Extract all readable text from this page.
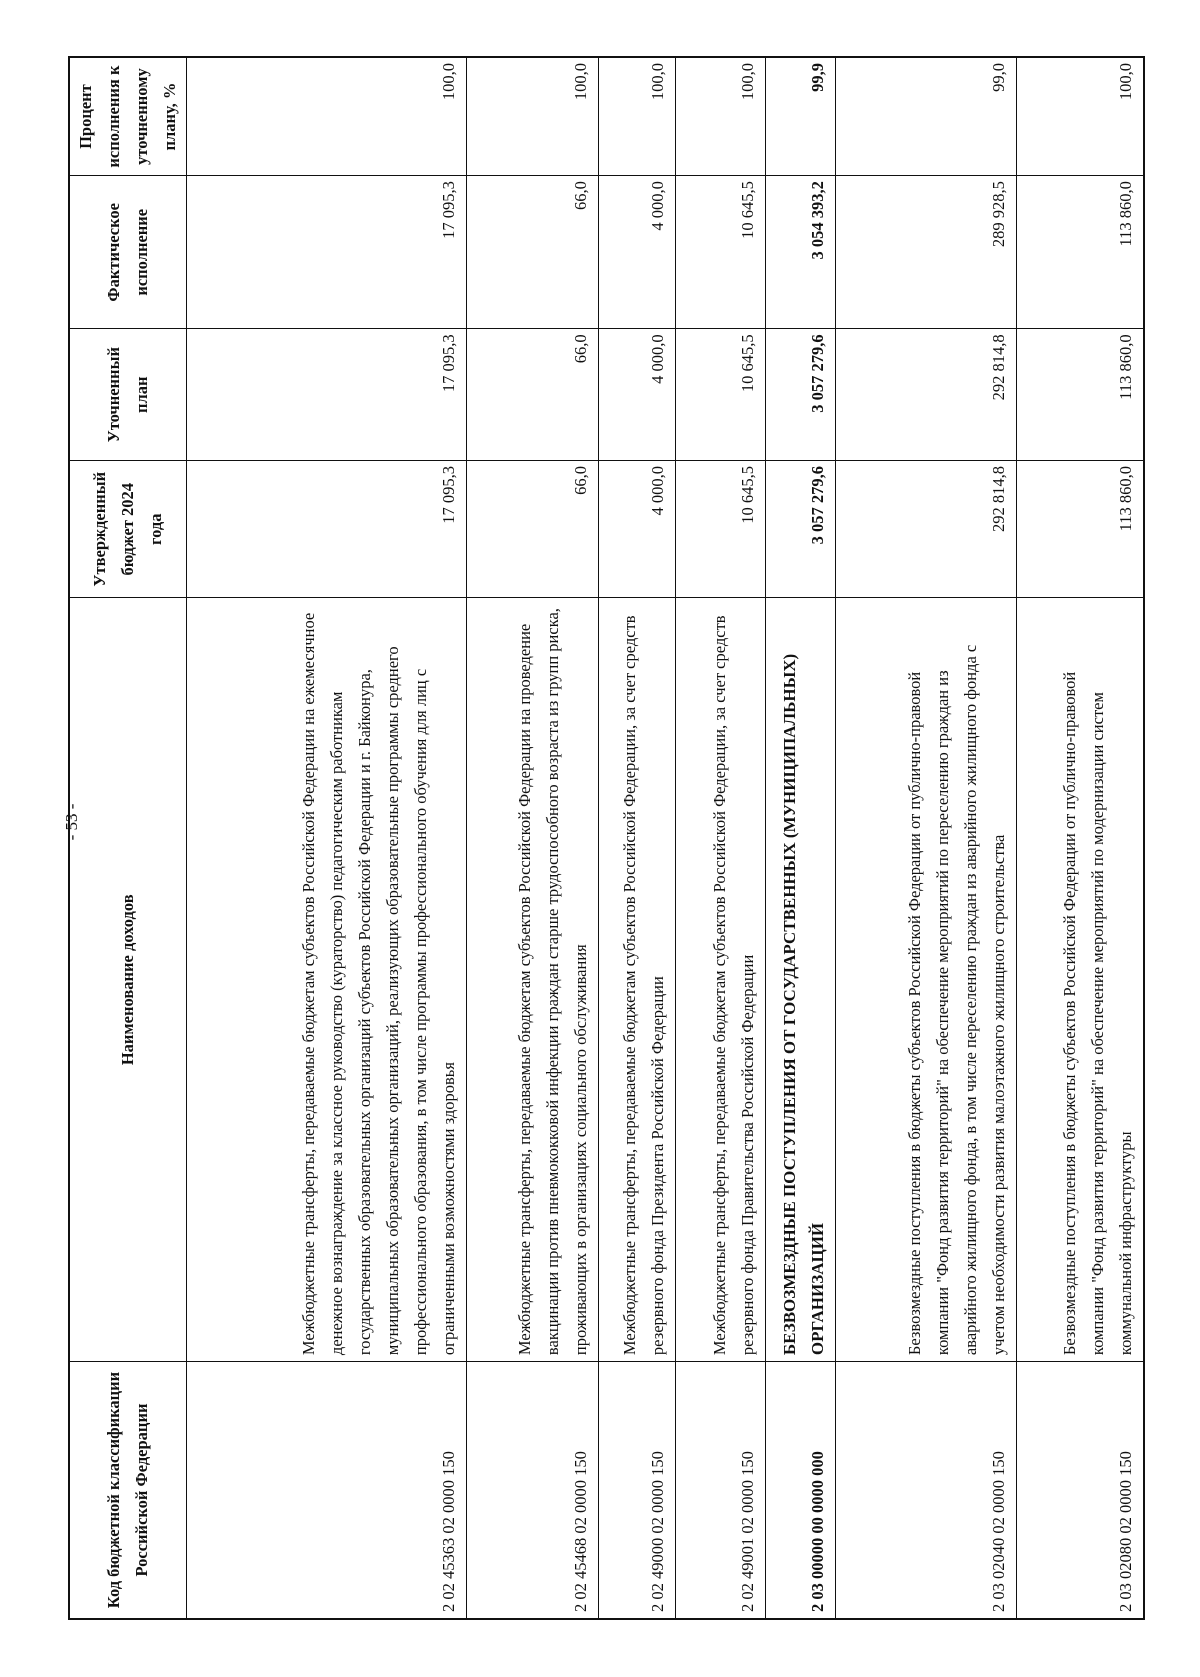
- 53 -
Код бюджетной классификации Российской Федерации	Наименование доходов	Утвержденный бюджет 2024 года	Уточненный план	Фактическое исполнение	Процент исполнения к уточненному плану, %
2 02 45363 02 0000 150	Межбюджетные трансферты, передаваемые бюджетам субъектов Российской Федерации на ежемесячное денежное вознаграждение за классное руководство (кураторство) педагогическим работникам государственных образовательных организаций субъектов Российской Федерации и г. Байконура, муниципальных образовательных организаций, реализующих образовательные программы среднего профессионального образования, в том числе программы профессионального обучения для лиц с ограниченными возможностями здоровья	17 095,3	17 095,3	17 095,3	100,0
2 02 45468 02 0000 150	Межбюджетные трансферты, передаваемые бюджетам субъектов Российской Федерации на проведение вакцинации против пневмококковой инфекции граждан старше трудоспособного возраста из групп риска, проживающих в организациях социального обслуживания	66,0	66,0	66,0	100,0
2 02 49000 02 0000 150	Межбюджетные трансферты, передаваемые бюджетам субъектов Российской Федерации, за счет средств резервного фонда Президента Российской Федерации	4 000,0	4 000,0	4 000,0	100,0
2 02 49001 02 0000 150	Межбюджетные трансферты, передаваемые бюджетам субъектов Российской Федерации, за счет средств резервного фонда Правительства Российской Федерации	10 645,5	10 645,5	10 645,5	100,0
2 03 00000 00 0000 000	БЕЗВОЗМЕЗДНЫЕ ПОСТУПЛЕНИЯ ОТ ГОСУДАРСТВЕННЫХ (МУНИЦИПАЛЬНЫХ) ОРГАНИЗАЦИЙ	3 057 279,6	3 057 279,6	3 054 393,2	99,9
2 03 02040 02 0000 150	Безвозмездные поступления в бюджеты субъектов Российской Федерации от публично-правовой компании "Фонд развития территорий" на обеспечение мероприятий по переселению граждан из аварийного жилищного фонда, в том числе переселению граждан из аварийного жилищного фонда с учетом необходимости развития малоэтажного жилищного строительства	292 814,8	292 814,8	289 928,5	99,0
2 03 02080 02 0000 150	Безвозмездные поступления в бюджеты субъектов Российской Федерации от публично-правовой компании "Фонд развития территорий" на обеспечение мероприятий по модернизации систем коммунальной инфраструктуры	113 860,0	113 860,0	113 860,0	100,0
